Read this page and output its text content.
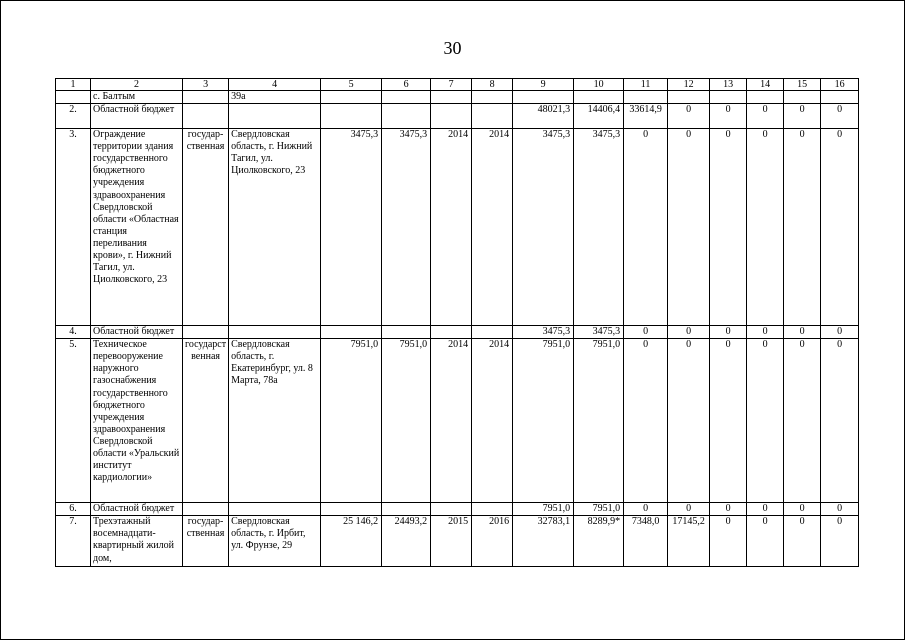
30
1	2	3	4	5	6	7	8	9	10	11	12	13	14	15	16
	с. Балтым		39а												
2.	Областной бюджет							48021,3	14406,4	33614,9	0	0	0	0	0
3.	Ограждение территории здания государственного бюджетного учреждения здравоохранения Свердловской области «Областная станция переливания крови», г. Нижний Тагил, ул. Циолковского, 23	государ-ственная	Свердловская область, г. Нижний Тагил, ул. Циолковского, 23	3475,3	3475,3	2014	2014	3475,3	3475,3	0	0	0	0	0	0
4.	Областной бюджет							3475,3	3475,3	0	0	0	0	0	0
5.	Техническое перевооружение наружного газоснабжения государственного бюджетного учреждения здравоохранения Свердловской области «Уральский институт кардиологии»	государст венная	Свердловская область, г. Екатеринбург, ул. 8 Марта, 78а	7951,0	7951,0	2014	2014	7951,0	7951,0	0	0	0	0	0	0
6.	Областной бюджет							7951,0	7951,0	0	0	0	0	0	0
7.	Трехэтажный восемнадцати-квартирный жилой дом,	государ-ственная	Свердловская область, г. Ирбит, ул. Фрунзе, 29	25 146,2	24493,2	2015	2016	32783,1	8289,9*	7348,0	17145,2	0	0	0	0
